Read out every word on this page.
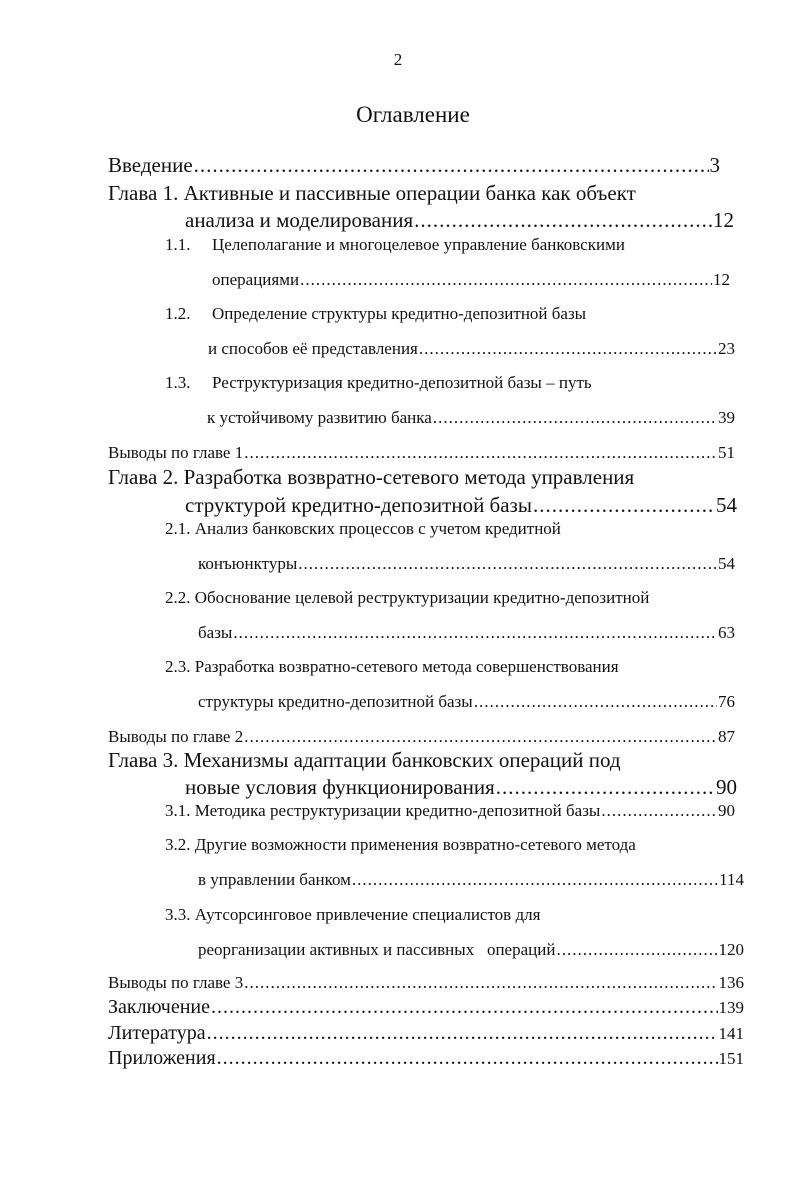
2
Оглавление
Введение .....	3
Глава 1. Активные и пассивные операции банка как объект
анализа и моделирования .....	12
1.1. Целеполагание и многоцелевое управление банковскими
операциями .....	12
1.2. Определение структуры кредитно-депозитной базы
и способов её представления .....	23
1.3. Реструктуризация кредитно-депозитной базы – путь
к устойчивому развитию банка .....	39
Выводы по главе 1 .....	51
Глава 2. Разработка возвратно-сетевого метода управления
структурой кредитно-депозитной базы .....	54
2.1. Анализ банковских процессов с учетом кредитной
конъюнктуры .....	54
2.2. Обоснование целевой реструктуризации кредитно-депозитной
базы .....	63
2.3. Разработка возвратно-сетевого метода совершенствования
структуры кредитно-депозитной базы .....	76
Выводы по главе 2 .....	87
Глава 3. Механизмы адаптации банковских операций под
новые условия функционирования .....	90
3.1. Методика реструктуризации кредитно-депозитной базы .....	90
3.2. Другие возможности применения возвратно-сетевого метода
в управлении банком .....	114
3.3. Аутсорсинговое привлечение специалистов для
реорганизации активных и пассивных   операций .....	120
Выводы по главе 3 .....	136
Заключение .....	139
Литература .....	141
Приложения .....	151
